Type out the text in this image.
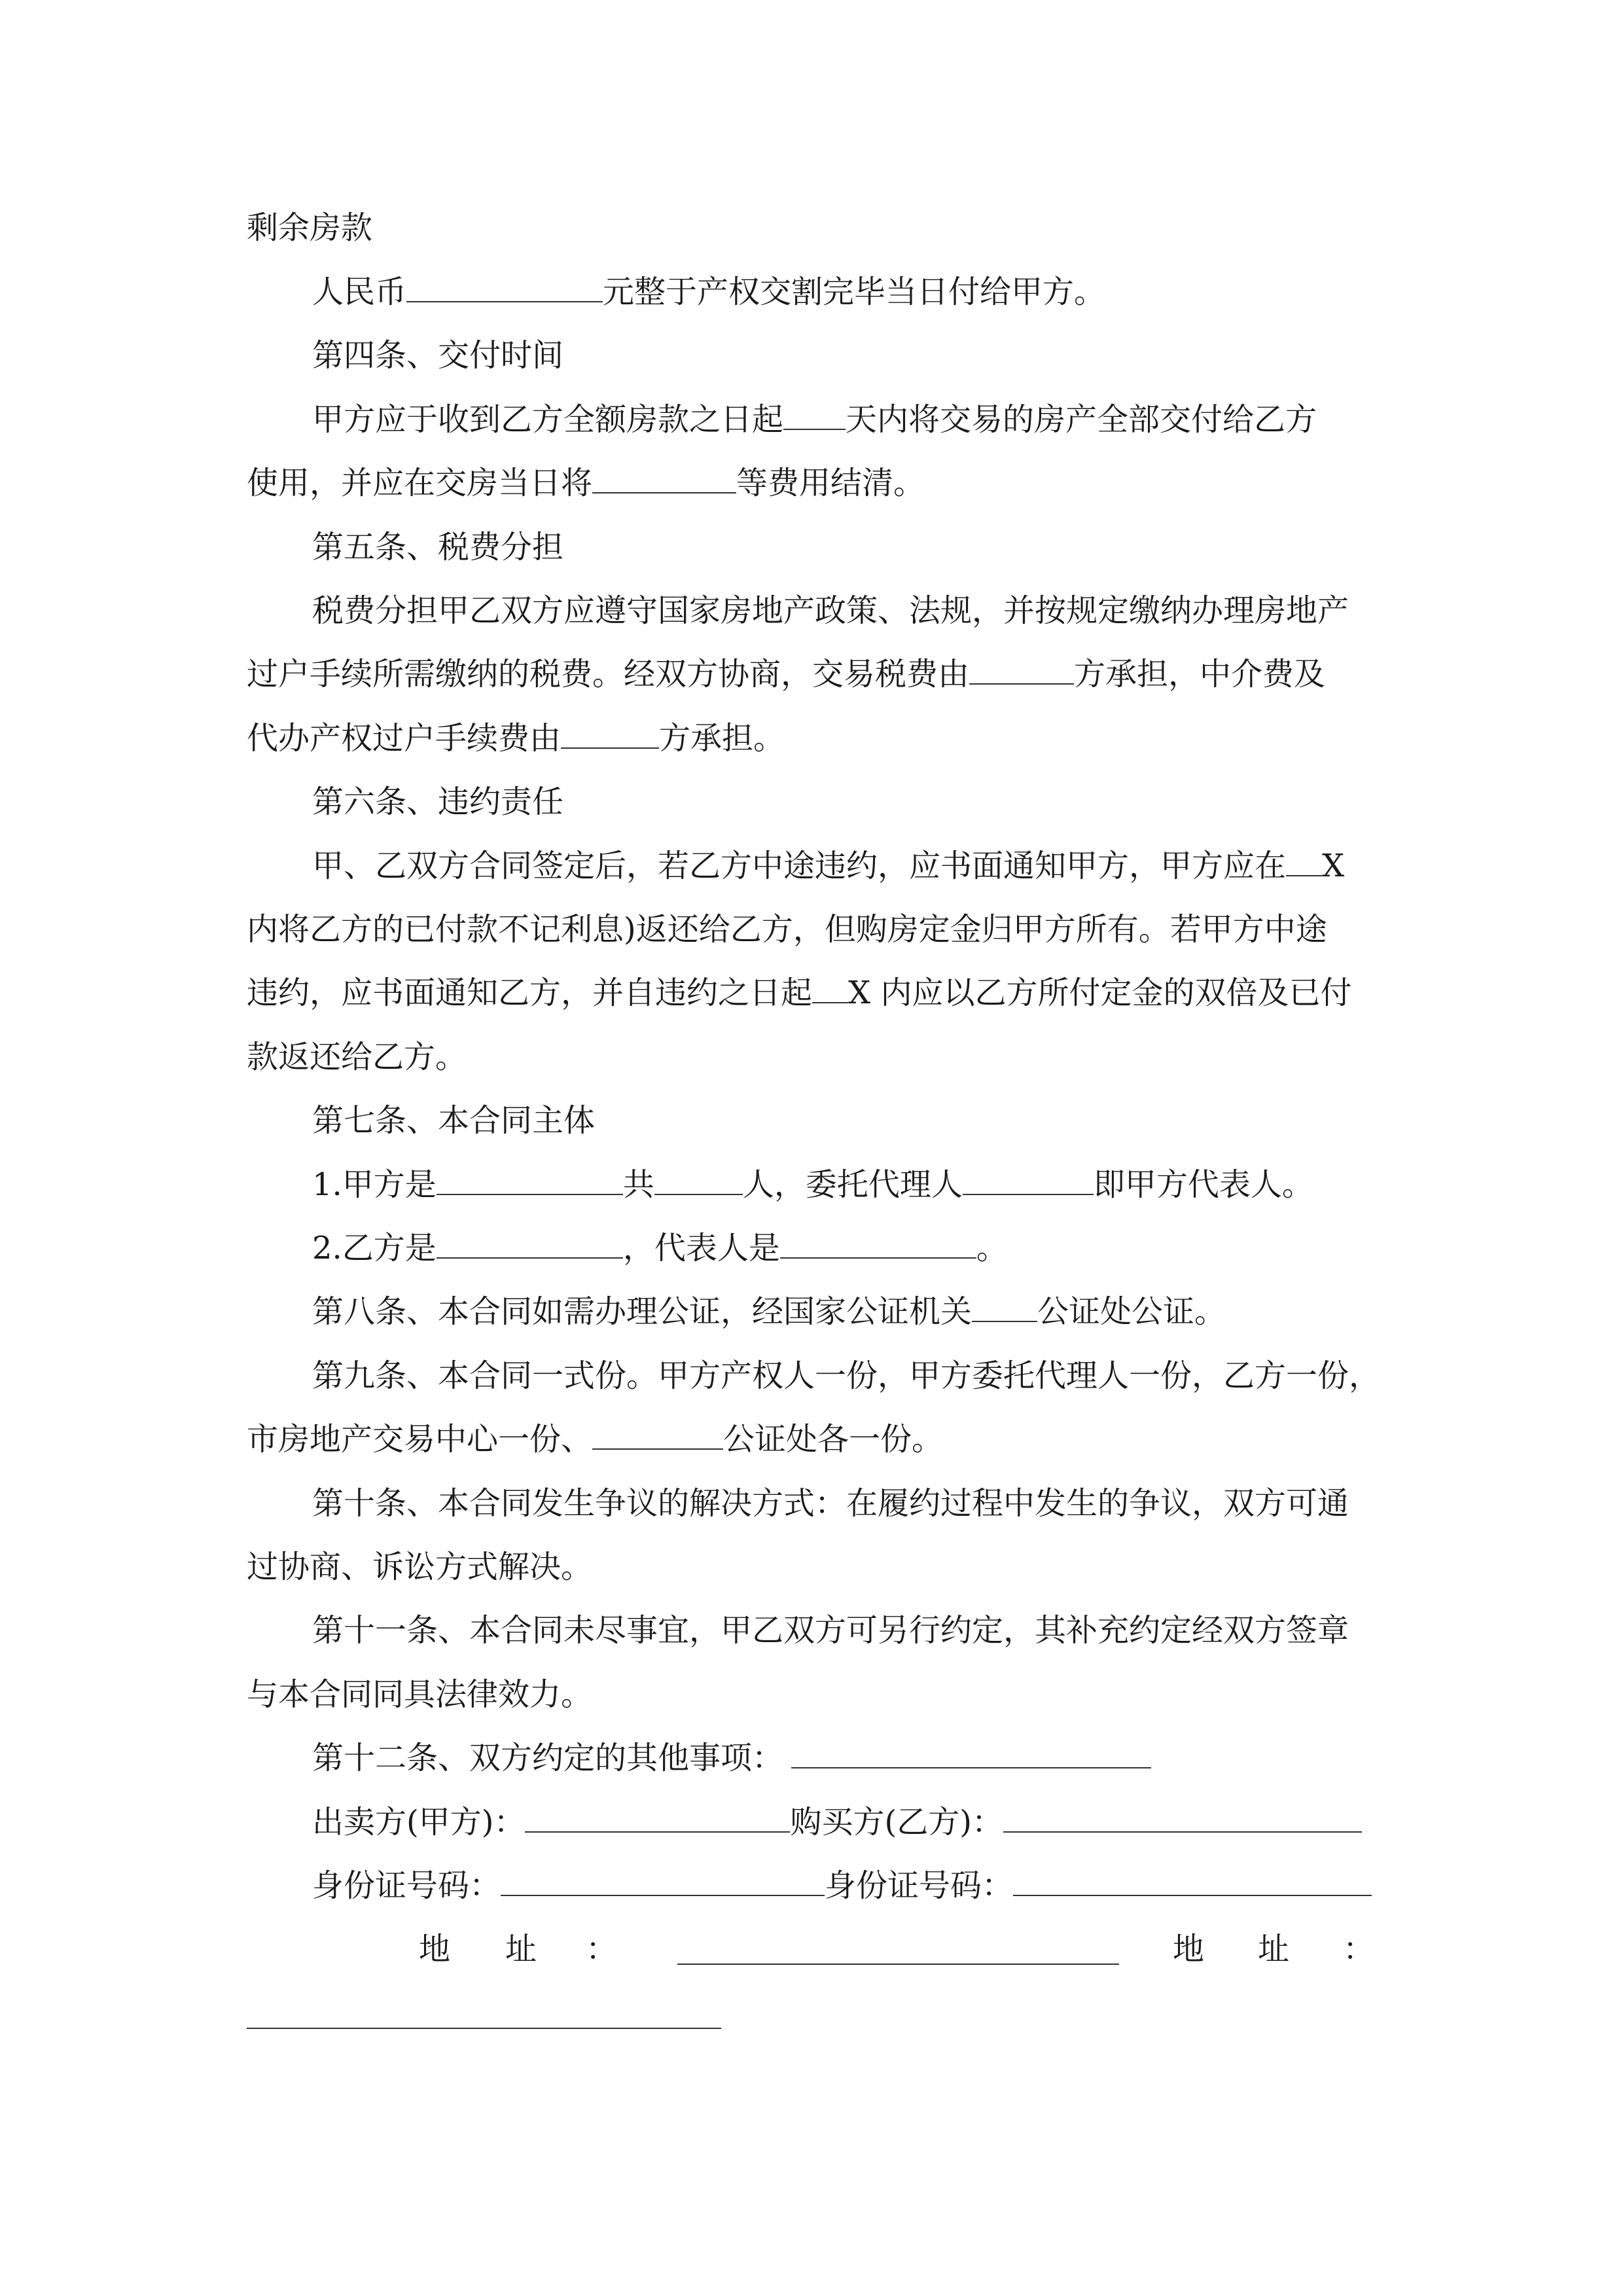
剩余房款
人民币	元整于产权交割完毕当日付给甲方。
第四条、交付时间
甲方应于收到乙方全额房款之日起 天内将交易的房产全部交付给乙方
使用，并应在交房当日将	等费用结清。
第五条、税费分担
税费分担甲乙双方应遵守国家房地产政策、法规，并按规定缴纳办理房地产
过户手续所需缴纳的税费。经双方协商，交易税费由	方承担，中介费及
代办产权过户手续费由	方承担。
第六条、违约责任
甲、乙双方合同签定后，若乙方中途违约，应书面通知甲方，甲方应在 X
内将乙方的已付款不记利息)返还给乙方，但购房定金归甲方所有。若甲方中途
违约，应书面通知乙方，并自违约之日起 X 内应以乙方所付定金的双倍及已付
款返还给乙方。
第七条、本合同主体
1.甲方是	共	人，委托代理人	即甲方代表人。
2.乙方是	，代表人是	。
第八条、本合同如需办理公证，经国家公证机关 公证处公证。
第九条、本合同一式份。甲方产权人一份，甲方委托代理人一份，乙方一份，
市房地产交易中心一份、	公证处各一份。
第十条、本合同发生争议的解决方式：在履约过程中发生的争议，双方可通
过协商、诉讼方式解决。
第十一条、本合同未尽事宜，甲乙双方可另行约定，其补充约定经双方签章
与本合同同具法律效力。
第十二条、双方约定的其他事项：
出卖方(甲方)：	购买方(乙方)：
身份证号码：	身份证号码：
地 址 ：	地 址 ：
